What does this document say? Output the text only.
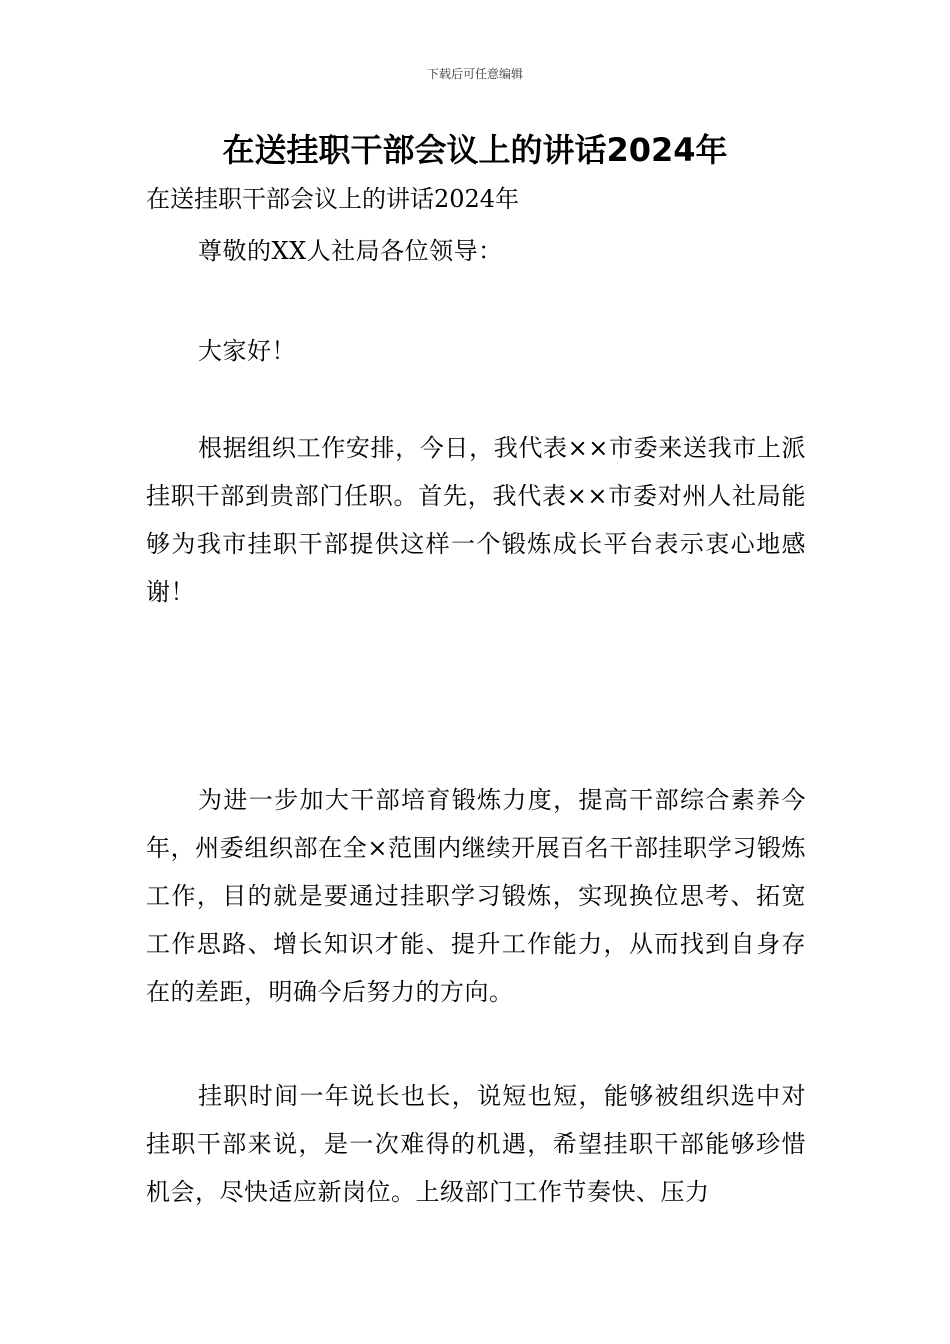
下载后可任意编辑
在送挂职干部会议上的讲话2024年

在送挂职干部会议上的讲话2024年

尊敬的XX人社局各位领导：

大家好！

根据组织工作安排，今日，我代表××市委来送我市上派挂职干部到贵部门任职。首先，我代表××市委对州人社局能够为我市挂职干部提供这样一个锻炼成长平台表示衷心地感谢！

为进一步加大干部培育锻炼力度，提高干部综合素养今年，州委组织部在全×范围内继续开展百名干部挂职学习锻炼工作，目的就是要通过挂职学习锻炼，实现换位思考、拓宽工作思路、增长知识才能、提升工作能力，从而找到自身存在的差距，明确今后努力的方向。

挂职时间一年说长也长，说短也短，能够被组织选中对挂职干部来说，是一次难得的机遇，希望挂职干部能够珍惜机会，尽快适应新岗位。上级部门工作节奏快、压力
